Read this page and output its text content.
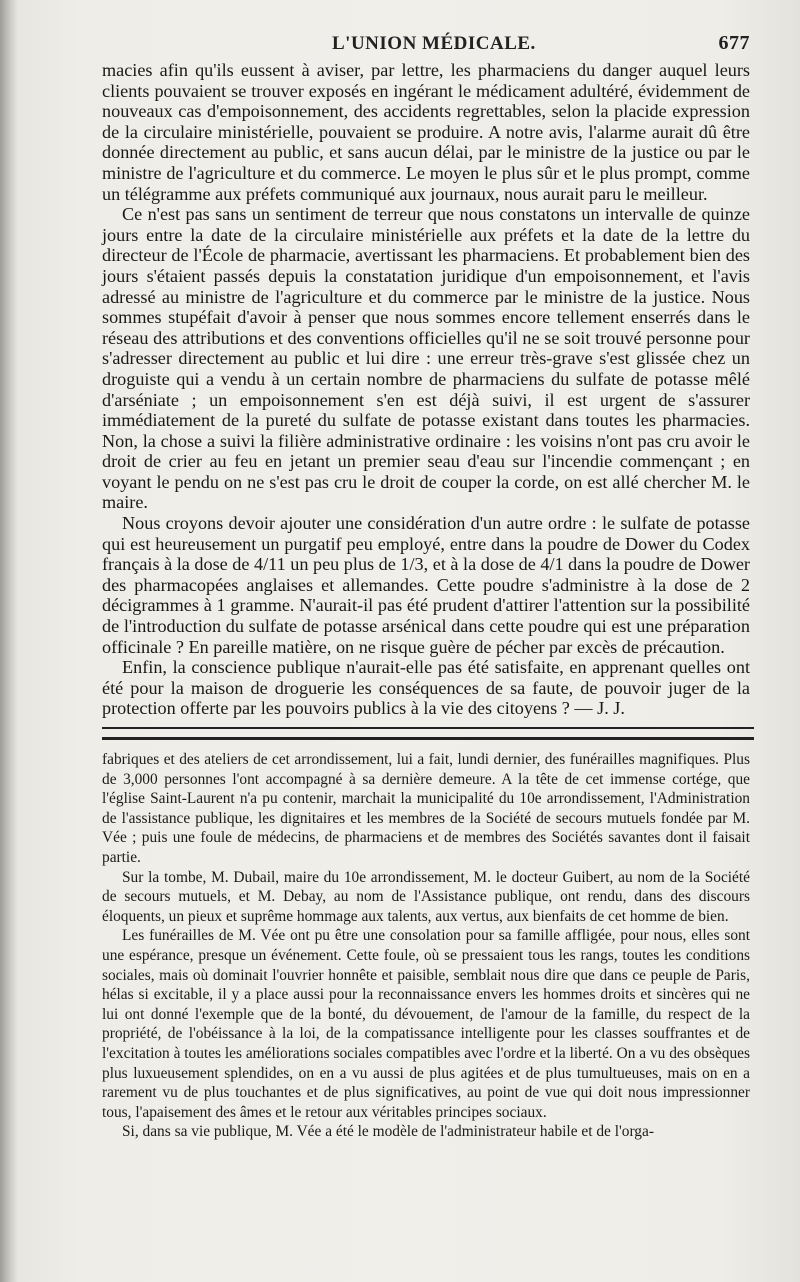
L'UNION MÉDICALE.	677

macies afin qu'ils eussent à aviser, par lettre, les pharmaciens du danger auquel leurs clients pouvaient se trouver exposés en ingérant le médicament adultéré, évidemment de nouveaux cas d'empoisonnement, des accidents regrettables, selon la placide expression de la circulaire ministérielle, pouvaient se produire. A notre avis, l'alarme aurait dû être donnée directement au public, et sans aucun délai, par le ministre de la justice ou par le ministre de l'agriculture et du commerce. Le moyen le plus sûr et le plus prompt, comme un télégramme aux préfets communiqué aux journaux, nous aurait paru le meilleur.

Ce n'est pas sans un sentiment de terreur que nous constatons un intervalle de quinze jours entre la date de la circulaire ministérielle aux préfets et la date de la lettre du directeur de l'École de pharmacie, avertissant les pharmaciens. Et probablement bien des jours s'étaient passés depuis la constatation juridique d'un empoisonnement, et l'avis adressé au ministre de l'agriculture et du commerce par le ministre de la justice. Nous sommes stupéfait d'avoir à penser que nous sommes encore tellement enserrés dans le réseau des attributions et des conventions officielles qu'il ne se soit trouvé personne pour s'adresser directement au public et lui dire : une erreur très-grave s'est glissée chez un droguiste qui a vendu à un certain nombre de pharmaciens du sulfate de potasse mêlé d'arséniate ; un empoisonnement s'en est déjà suivi, il est urgent de s'assurer immédiatement de la pureté du sulfate de potasse existant dans toutes les pharmacies. Non, la chose a suivi la filière administrative ordinaire : les voisins n'ont pas cru avoir le droit de crier au feu en jetant un premier seau d'eau sur l'incendie commençant ; en voyant le pendu on ne s'est pas cru le droit de couper la corde, on est allé chercher M. le maire.

Nous croyons devoir ajouter une considération d'un autre ordre : le sulfate de potasse qui est heureusement un purgatif peu employé, entre dans la poudre de Dower du Codex français à la dose de 4/11 un peu plus de 1/3, et à la dose de 4/1 dans la poudre de Dower des pharmacopées anglaises et allemandes. Cette poudre s'administre à la dose de 2 décigrammes à 1 gramme. N'aurait-il pas été prudent d'attirer l'attention sur la possibilité de l'introduction du sulfate de potasse arsénical dans cette poudre qui est une préparation officinale ? En pareille matière, on ne risque guère de pécher par excès de précaution.

Enfin, la conscience publique n'aurait-elle pas été satisfaite, en apprenant quelles ont été pour la maison de droguerie les conséquences de sa faute, de pouvoir juger de la protection offerte par les pouvoirs publics à la vie des citoyens ? — J. J.

fabriques et des ateliers de cet arrondissement, lui a fait, lundi dernier, des funérailles magnifiques. Plus de 3,000 personnes l'ont accompagné à sa dernière demeure. A la tête de cet immense cortége, que l'église Saint-Laurent n'a pu contenir, marchait la municipalité du 10e arrondissement, l'Administration de l'assistance publique, les dignitaires et les membres de la Société de secours mutuels fondée par M. Vée ; puis une foule de médecins, de pharmaciens et de membres des Sociétés savantes dont il faisait partie.

Sur la tombe, M. Dubail, maire du 10e arrondissement, M. le docteur Guibert, au nom de la Société de secours mutuels, et M. Debay, au nom de l'Assistance publique, ont rendu, dans des discours éloquents, un pieux et suprême hommage aux talents, aux vertus, aux bienfaits de cet homme de bien.

Les funérailles de M. Vée ont pu être une consolation pour sa famille affligée, pour nous, elles sont une espérance, presque un événement. Cette foule, où se pressaient tous les rangs, toutes les conditions sociales, mais où dominait l'ouvrier honnête et paisible, semblait nous dire que dans ce peuple de Paris, hélas si excitable, il y a place aussi pour la reconnaissance envers les hommes droits et sincères qui ne lui ont donné l'exemple que de la bonté, du dévouement, de l'amour de la famille, du respect de la propriété, de l'obéissance à la loi, de la compatissance intelligente pour les classes souffrantes et de l'excitation à toutes les améliorations sociales compatibles avec l'ordre et la liberté. On a vu des obsèques plus luxueusement splendides, on en a vu aussi de plus agitées et de plus tumultueuses, mais on en a rarement vu de plus touchantes et de plus significatives, au point de vue qui doit nous impressionner tous, l'apaisement des âmes et le retour aux véritables principes sociaux.

Si, dans sa vie publique, M. Vée a été le modèle de l'administrateur habile et de l'orga-
